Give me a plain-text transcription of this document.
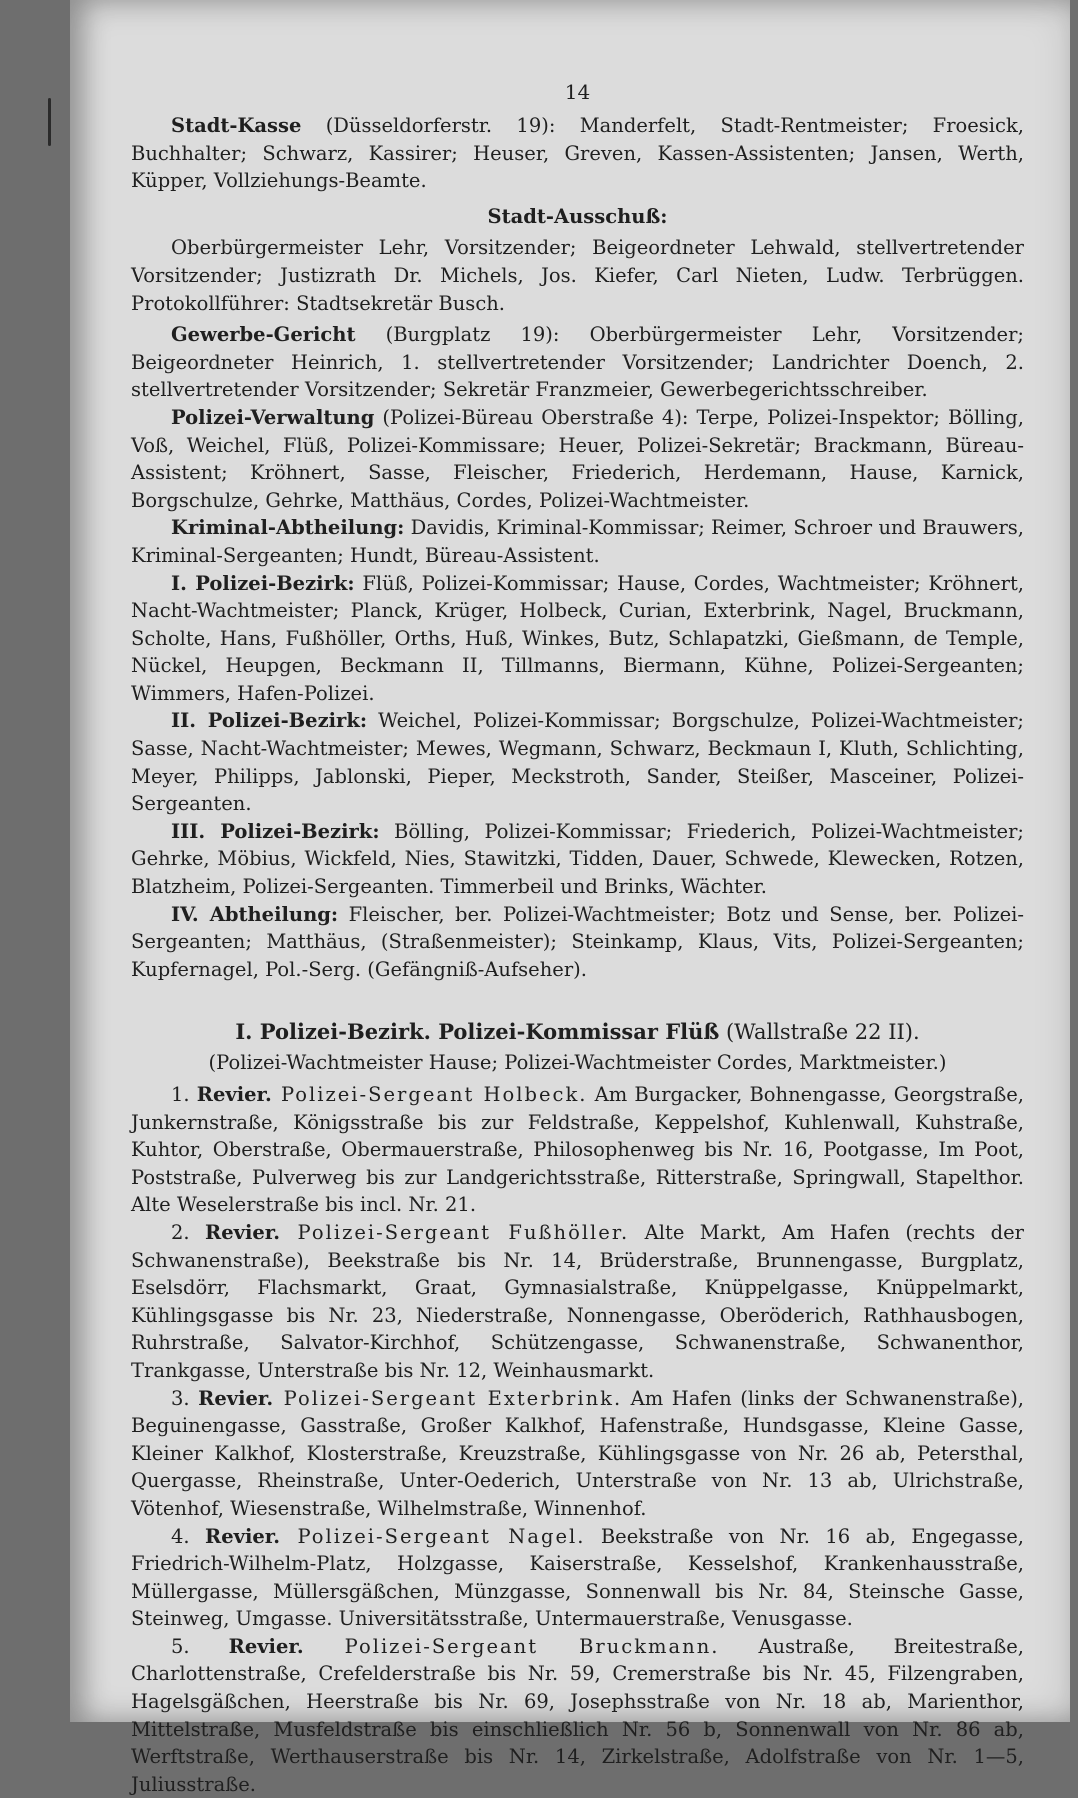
14

Stadt-Kasse (Düsseldorferstr. 19): Manderfelt, Stadt-Rentmeister; Froesick, Buchhalter; Schwarz, Kassirer; Heuser, Greven, Kassen-Assistenten; Jansen, Werth, Küpper, Vollziehungs-Beamte.

Stadt-Ausschuß:

Oberbürgermeister Lehr, Vorsitzender; Beigeordneter Lehwald, stellvertretender Vorsitzender; Justizrath Dr. Michels, Jos. Kiefer, Carl Nieten, Ludw. Terbrüggen. Protokollführer: Stadtsekretär Busch.

Gewerbe-Gericht (Burgplatz 19): Oberbürgermeister Lehr, Vorsitzender; Beigeordneter Heinrich, 1. stellvertretender Vorsitzender; Landrichter Doench, 2. stellvertretender Vorsitzender; Sekretär Franzmeier, Gewerbegerichtsschreiber.

Polizei-Verwaltung (Polizei-Büreau Oberstraße 4): Terpe, Polizei-Inspektor; Bölling, Voß, Weichel, Flüß, Polizei-Kommissare; Heuer, Polizei-Sekretär; Brackmann, Büreau-Assistent; Kröhnert, Sasse, Fleischer, Friederich, Herdemann, Hause, Karnick, Borgschulze, Gehrke, Matthäus, Cordes, Polizei-Wachtmeister.

Kriminal-Abtheilung: Davidis, Kriminal-Kommissar; Reimer, Schroer und Brauwers, Kriminal-Sergeanten; Hundt, Büreau-Assistent.

I. Polizei-Bezirk: Flüß, Polizei-Kommissar; Hause, Cordes, Wachtmeister; Kröhnert, Nacht-Wachtmeister; Planck, Krüger, Holbeck, Curian, Exterbrink, Nagel, Bruckmann, Scholte, Hans, Fußhöller, Orths, Huß, Winkes, Butz, Schlapatzki, Gießmann, de Temple, Nückel, Heupgen, Beckmann II, Tillmanns, Biermann, Kühne, Polizei-Sergeanten; Wimmers, Hafen-Polizei.

II. Polizei-Bezirk: Weichel, Polizei-Kommissar; Borgschulze, Polizei-Wachtmeister; Sasse, Nacht-Wachtmeister; Mewes, Wegmann, Schwarz, Beckmaun I, Kluth, Schlichting, Meyer, Philipps, Jablonski, Pieper, Meckstroth, Sander, Steißer, Masceiner, Polizei-Sergeanten.

III. Polizei-Bezirk: Bölling, Polizei-Kommissar; Friederich, Polizei-Wachtmeister; Gehrke, Möbius, Wickfeld, Nies, Stawitzki, Tidden, Dauer, Schwede, Klewecken, Rotzen, Blatzheim, Polizei-Sergeanten. Timmerbeil und Brinks, Wächter.

IV. Abtheilung: Fleischer, ber. Polizei-Wachtmeister; Botz und Sense, ber. Polizei-Sergeanten; Matthäus, (Straßenmeister); Steinkamp, Klaus, Vits, Polizei-Sergeanten; Kupfernagel, Pol.-Serg. (Gefängniß-Aufseher).

I. Polizei-Bezirk. Polizei-Kommissar Flüß (Wallstraße 22 II).

(Polizei-Wachtmeister Hause; Polizei-Wachtmeister Cordes, Marktmeister.)

1. Revier. Polizei-Sergeant Holbeck. Am Burgacker, Bohnengasse, Georgstraße, Junkernstraße, Königsstraße bis zur Feldstraße, Keppelshof, Kuhlenwall, Kuhstraße, Kuhtor, Oberstraße, Obermauerstraße, Philosophenweg bis Nr. 16, Pootgasse, Im Poot, Poststraße, Pulverweg bis zur Landgerichtsstraße, Ritterstraße, Springwall, Stapelthor. Alte Weselerstraße bis incl. Nr. 21.

2. Revier. Polizei-Sergeant Fußhöller. Alte Markt, Am Hafen (rechts der Schwanenstraße), Beekstraße bis Nr. 14, Brüderstraße, Brunnengasse, Burgplatz, Eselsdörr, Flachsmarkt, Graat, Gymnasialstraße, Knüppelgasse, Knüppelmarkt, Kühlingsgasse bis Nr. 23, Niederstraße, Nonnengasse, Oberöderich, Rathhausbogen, Ruhrstraße, Salvator-Kirchhof, Schützengasse, Schwanenstraße, Schwanenthor, Trankgasse, Unterstraße bis Nr. 12, Weinhausmarkt.

3. Revier. Polizei-Sergeant Exterbrink. Am Hafen (links der Schwanenstraße), Beguinengasse, Gasstraße, Großer Kalkhof, Hafenstraße, Hundsgasse, Kleine Gasse, Kleiner Kalkhof, Klosterstraße, Kreuzstraße, Kühlingsgasse von Nr. 26 ab, Petersthal, Quergasse, Rheinstraße, Unter-Oederich, Unterstraße von Nr. 13 ab, Ulrichstraße, Vötenhof, Wiesenstraße, Wilhelmstraße, Winnenhof.

4. Revier. Polizei-Sergeant Nagel. Beekstraße von Nr. 16 ab, Engegasse, Friedrich-Wilhelm-Platz, Holzgasse, Kaiserstraße, Kesselshof, Krankenhausstraße, Müllergasse, Müllersgäßchen, Münzgasse, Sonnenwall bis Nr. 84, Steinsche Gasse, Steinweg, Umgasse. Universitätsstraße, Untermauerstraße, Venusgasse.

5. Revier. Polizei-Sergeant Bruckmann. Austraße, Breitestraße, Charlottenstraße, Crefelderstraße bis Nr. 59, Cremerstraße bis Nr. 45, Filzengraben, Hagelsgäßchen, Heerstraße bis Nr. 69, Josephsstraße von Nr. 18 ab, Marienthor, Mittelstraße, Musfeldstraße bis einschließlich Nr. 56 b, Sonnenwall von Nr. 86 ab, Werftstraße, Werthauserstraße bis Nr. 14, Zirkelstraße, Adolfstraße von Nr. 1—5, Juliusstraße.
